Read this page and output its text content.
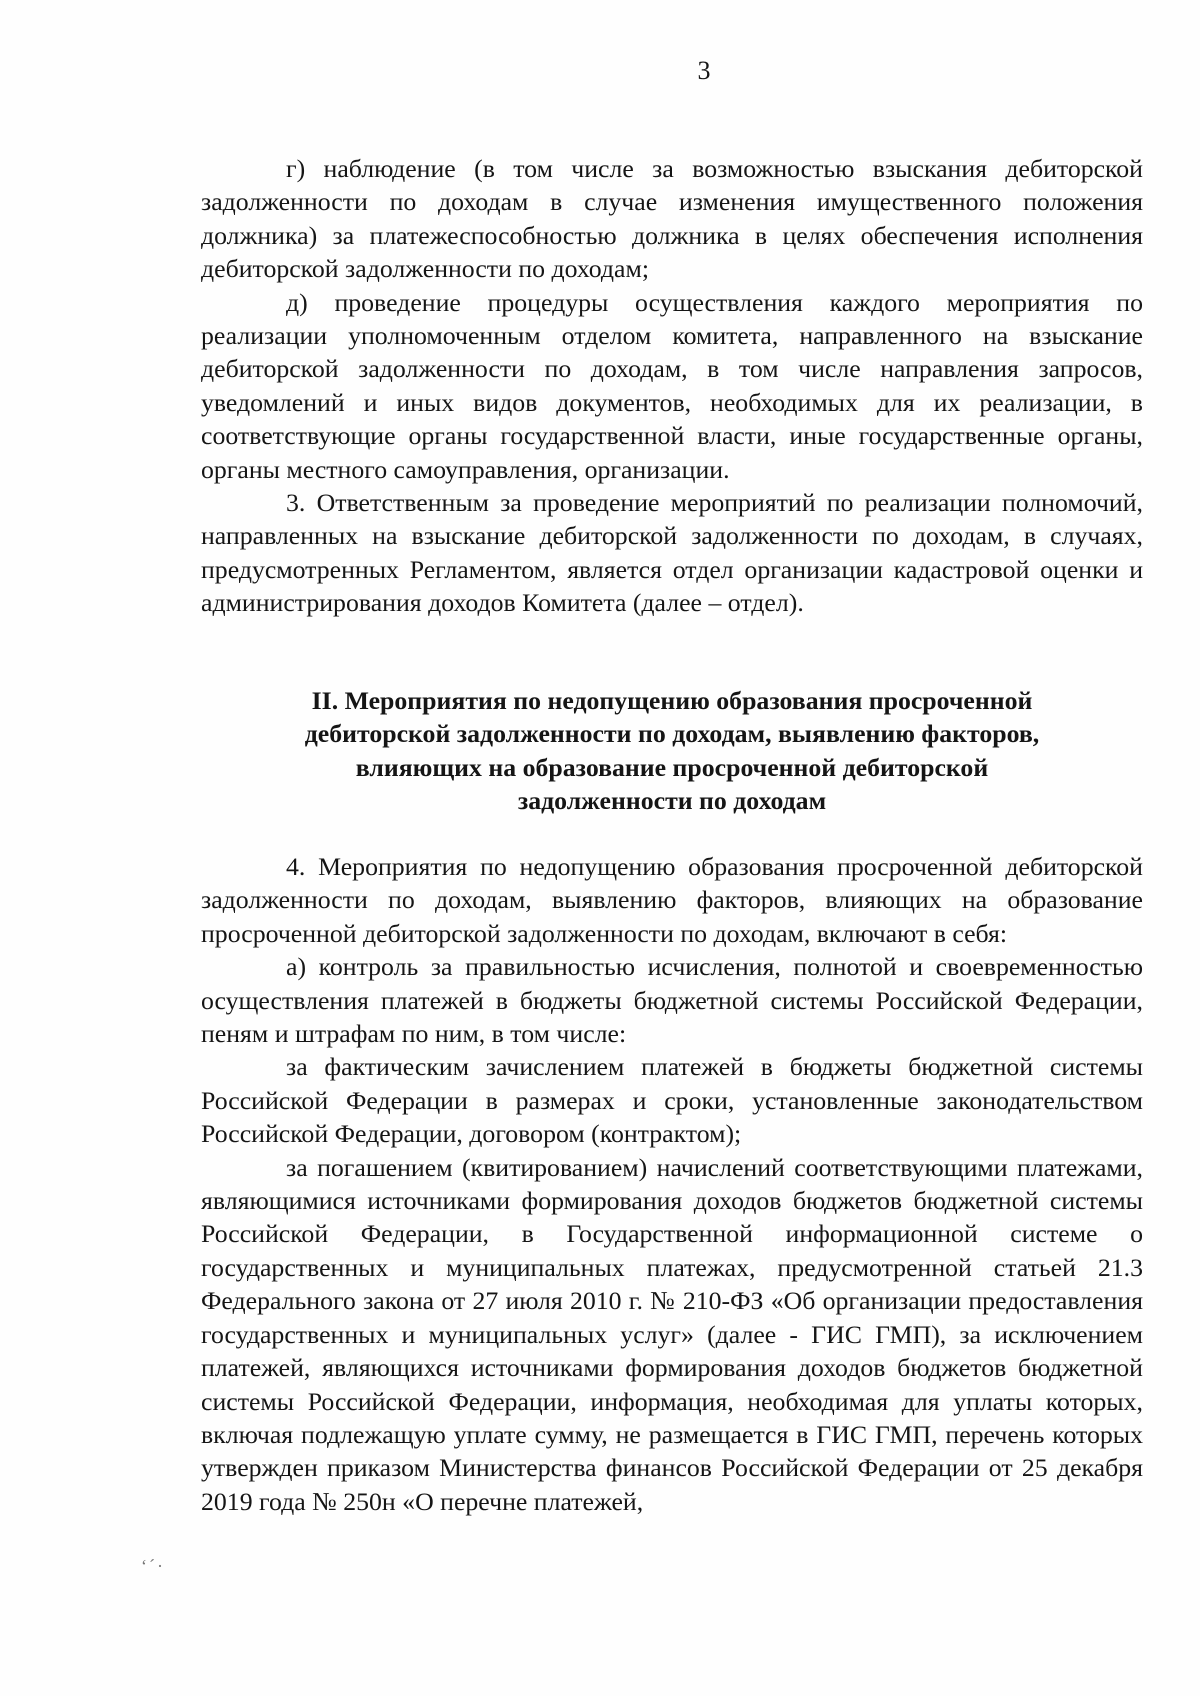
3

г) наблюдение (в том числе за возможностью взыскания дебиторской задолженности по доходам в случае изменения имущественного положения должника) за платежеспособностью должника в целях обеспечения исполнения дебиторской задолженности по доходам;

д) проведение процедуры осуществления каждого мероприятия по реализации уполномоченным отделом комитета, направленного на взыскание дебиторской задолженности по доходам, в том числе направления запросов, уведомлений и иных видов документов, необходимых для их реализации, в соответствующие органы государственной власти, иные государственные органы, органы местного самоуправления, организации.

3. Ответственным за проведение мероприятий по реализации полномочий, направленных на взыскание дебиторской задолженности по доходам, в случаях, предусмотренных Регламентом, является отдел организации кадастровой оценки и администрирования доходов Комитета (далее – отдел).

II. Мероприятия по недопущению образования просроченной
дебиторской задолженности по доходам, выявлению факторов,
влияющих на образование просроченной дебиторской
задолженности по доходам

4. Мероприятия по недопущению образования просроченной дебиторской задолженности по доходам, выявлению факторов, влияющих на образование просроченной дебиторской задолженности по доходам, включают в себя:

а) контроль за правильностью исчисления, полнотой и своевременностью осуществления платежей в бюджеты бюджетной системы Российской Федерации, пеням и штрафам по ним, в том числе:

за фактическим зачислением платежей в бюджеты бюджетной системы Российской Федерации в размерах и сроки, установленные законодательством Российской Федерации, договором (контрактом);

за погашением (квитированием) начислений соответствующими платежами, являющимися источниками формирования доходов бюджетов бюджетной системы Российской Федерации, в Государственной информационной системе о государственных и муниципальных платежах, предусмотренной статьей 21.3 Федерального закона от 27 июля 2010 г. № 210-ФЗ «Об организации предоставления государственных и муниципальных услуг» (далее - ГИС ГМП), за исключением платежей, являющихся источниками формирования доходов бюджетов бюджетной системы Российской Федерации, информация, необходимая для уплаты которых, включая подлежащую уплате сумму, не размещается в ГИС ГМП, перечень которых утвержден приказом Министерства финансов Российской Федерации от 25 декабря 2019 года № 250н «О перечне платежей,

‘ˊ·
